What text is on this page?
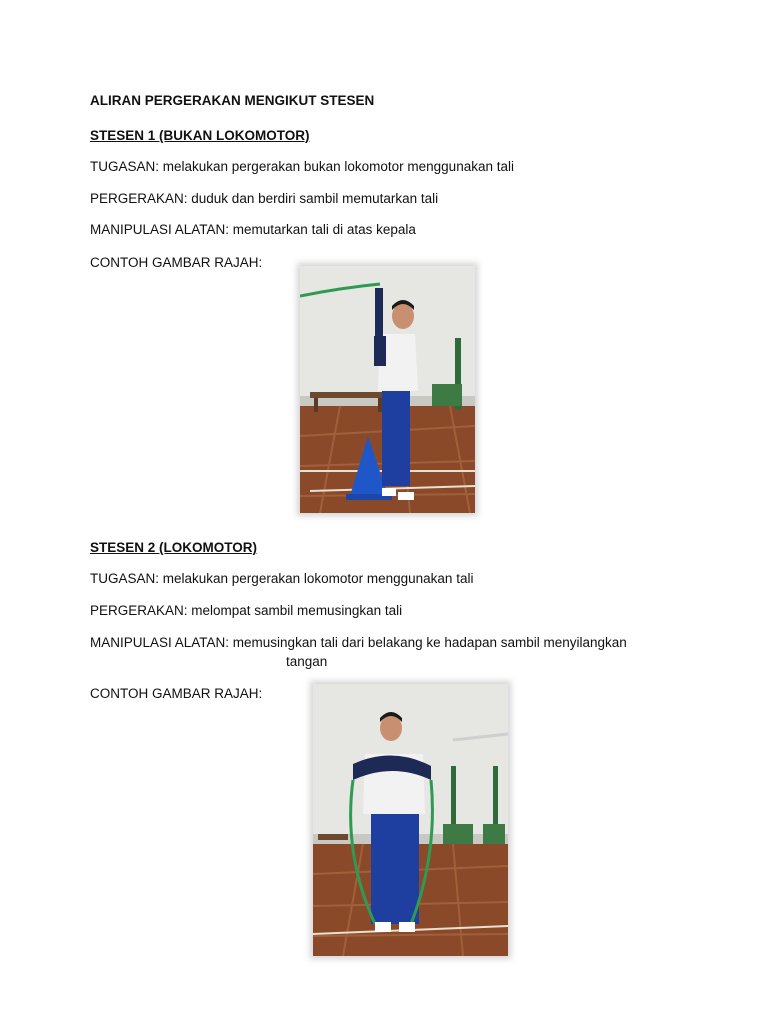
ALIRAN PERGERAKAN MENGIKUT STESEN
STESEN 1 (BUKAN LOKOMOTOR)
TUGASAN: melakukan pergerakan bukan lokomotor menggunakan tali
PERGERAKAN: duduk dan berdiri sambil memutarkan tali
MANIPULASI ALATAN: memutarkan tali di atas kepala
CONTOH GAMBAR RAJAH:
STESEN 2 (LOKOMOTOR)
TUGASAN: melakukan pergerakan lokomotor menggunakan tali
PERGERAKAN: melompat sambil memusingkan tali
MANIPULASI ALATAN: memusingkan tali dari belakang ke hadapan sambil menyilangkan
tangan
CONTOH GAMBAR RAJAH:
